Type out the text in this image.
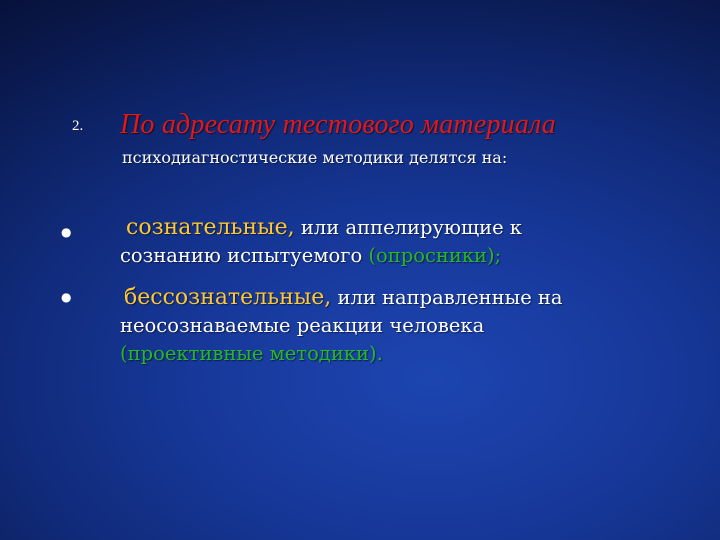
2. По адресату тестового материала
психодиагностические методики делятся на:
● сознательные, или аппелирующие к
сознанию испытуемого (опросники);
● бессознательные, или направленные на
неосознаваемые реакции человека
(проективные методики).
